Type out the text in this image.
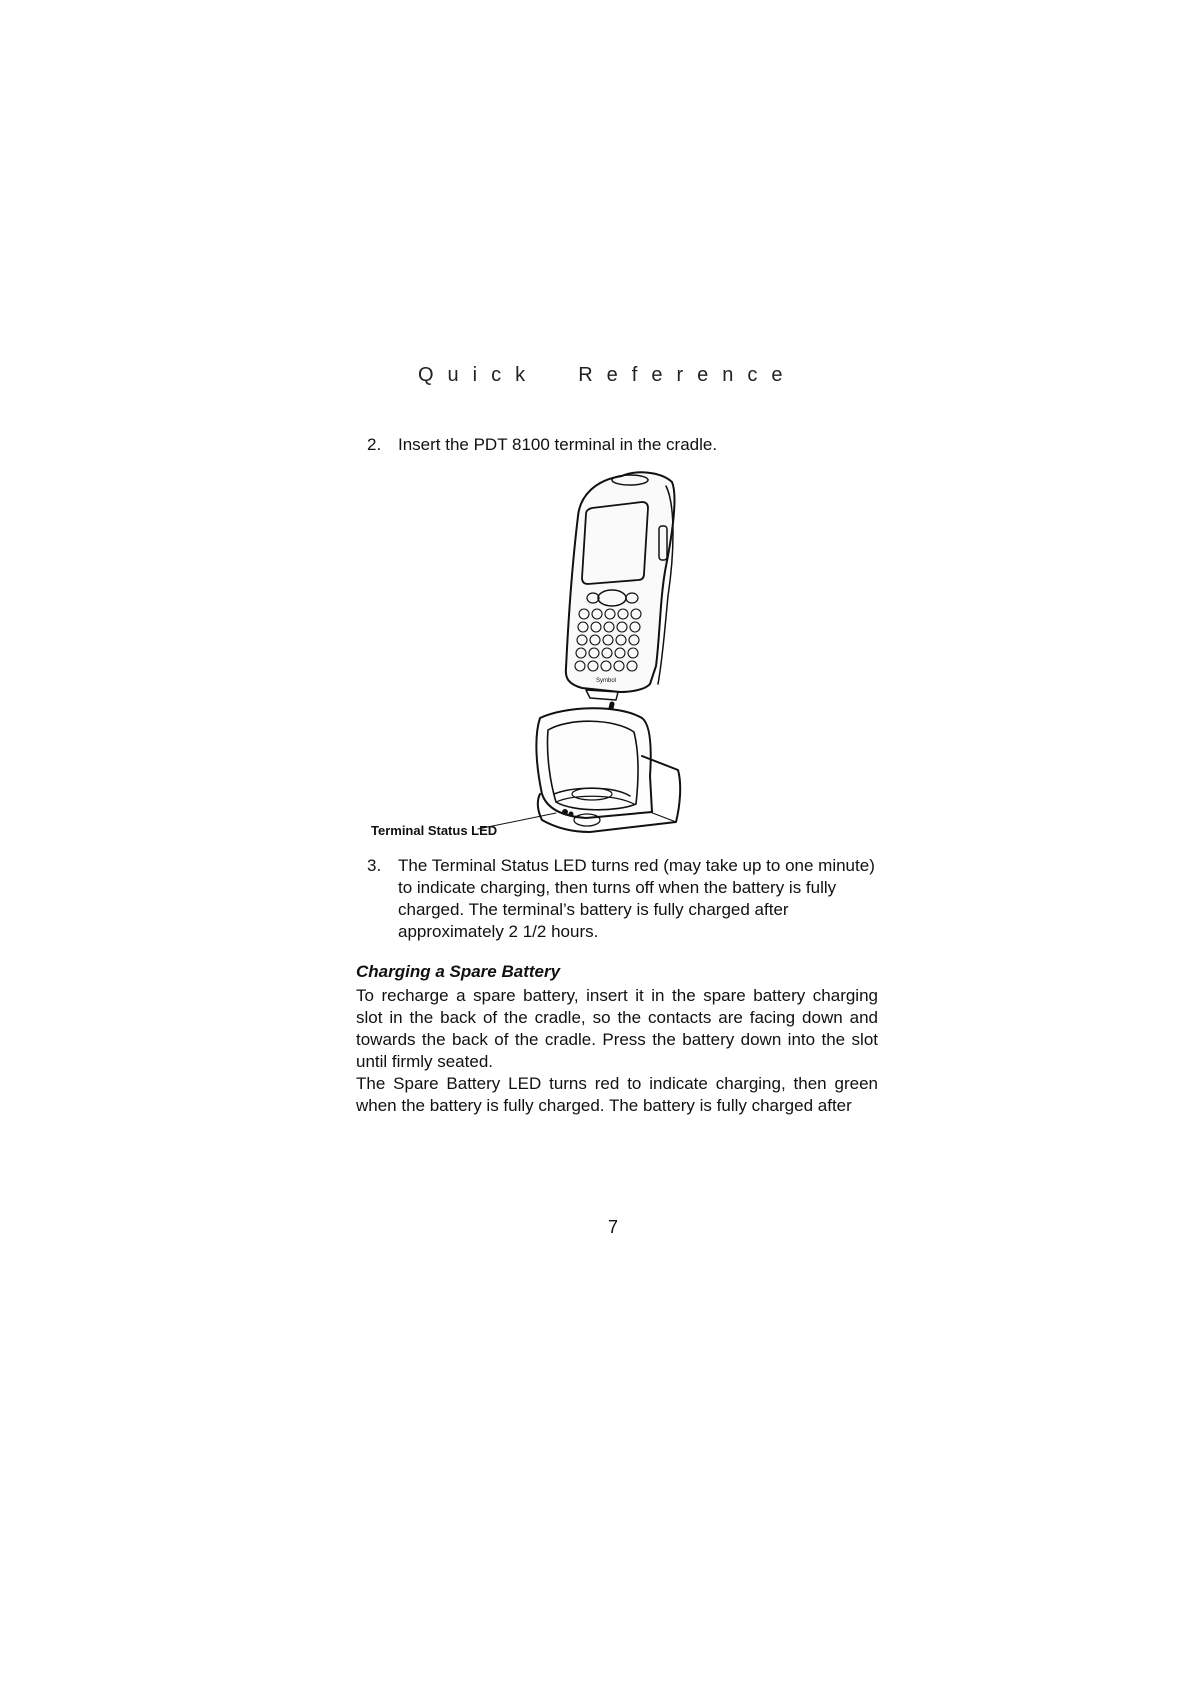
Quick  Reference
2. Insert the PDT 8100 terminal in the cradle.
Symbol
Terminal Status LED
3. The Terminal Status LED turns red (may take up to one minute) to indicate charging, then turns off when the battery is fully charged. The terminal’s battery is fully charged after approximately 2 1/2 hours.
Charging a Spare Battery
To recharge a spare battery, insert it in the spare battery charging slot in the back of the cradle, so the contacts are facing down and towards the back of the cradle. Press the battery down into the slot until firmly seated.
The Spare Battery LED turns red to indicate charging, then green when the battery is fully charged. The battery is fully charged after
7
